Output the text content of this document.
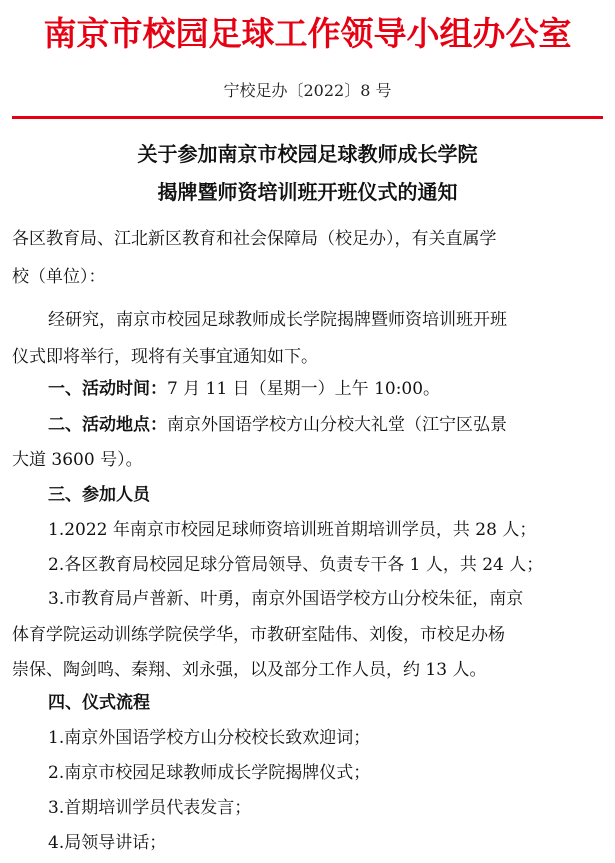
南京市校园足球工作领导小组办公室
宁校足办〔2022〕8 号
关于参加南京市校园足球教师成长学院
揭牌暨师资培训班开班仪式的通知
各区教育局、江北新区教育和社会保障局（校足办），有关直属学
校（单位）：
经研究，南京市校园足球教师成长学院揭牌暨师资培训班开班
仪式即将举行，现将有关事宜通知如下。
一、活动时间：7 月 11 日（星期一）上午 10:00。
二、活动地点：南京外国语学校方山分校大礼堂（江宁区弘景
大道 3600 号）。
三、参加人员
1.2022 年南京市校园足球师资培训班首期培训学员，共 28 人；
2.各区教育局校园足球分管局领导、负责专干各 1 人，共 24 人；
3.市教育局卢普新、叶勇，南京外国语学校方山分校朱征，南京
体育学院运动训练学院侯学华，市教研室陆伟、刘俊，市校足办杨
崇保、陶剑鸣、秦翔、刘永强，以及部分工作人员，约 13 人。
四、仪式流程
1.南京外国语学校方山分校校长致欢迎词；
2.南京市校园足球教师成长学院揭牌仪式；
3.首期培训学员代表发言；
4.局领导讲话；
